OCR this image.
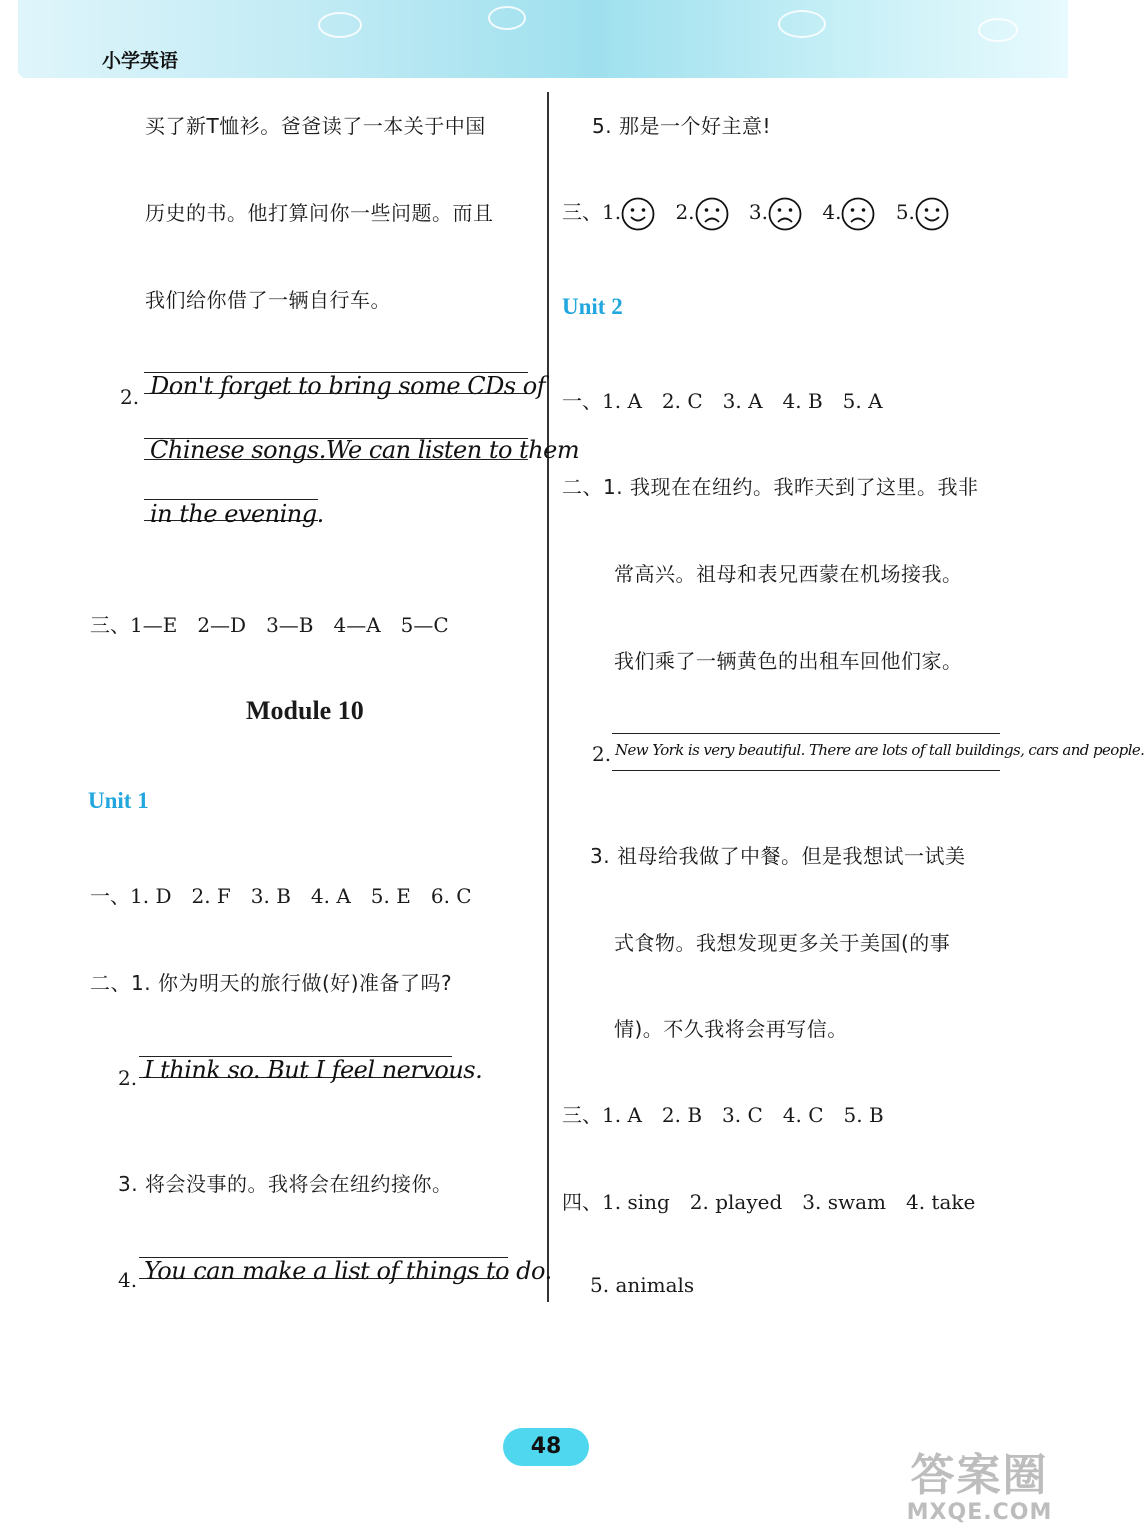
小学英语
买了新T恤衫。爸爸读了一本关于中国
历史的书。他打算问你一些问题。而且
我们给你借了一辆自行车。
2. Don't forget to bring some CDs of
Chinese songs.We can listen to them
in the evening.
三、1—E　2—D　3—B　4—A　5—C
Module 10
Unit 1
一、1. D　2. F　3. B　4. A　5. E　6. C
二、1. 你为明天的旅行做(好)准备了吗?
2. I think so. But I feel nervous.
3. 将会没事的。我将会在纽约接你。
4. You can make a list of things to do.
5. 那是一个好主意!
三、1.	2.	3.	4.	5.
Unit 2
一、1. A　2. C　3. A　4. B　5. A
二、1. 我现在在纽约。我昨天到了这里。我非
常高兴。祖母和表兄西蒙在机场接我。
我们乘了一辆黄色的出租车回他们家。
2. New York is very beautiful. There are lots of tall buildings, cars and people.
3. 祖母给我做了中餐。但是我想试一试美
式食物。我想发现更多关于美国(的事
情)。不久我将会再写信。
三、1. A　2. B　3. C　4. C　5. B
四、1. sing　2. played　3. swam　4. take
5. animals
48
答案圈
MXQE.COM
